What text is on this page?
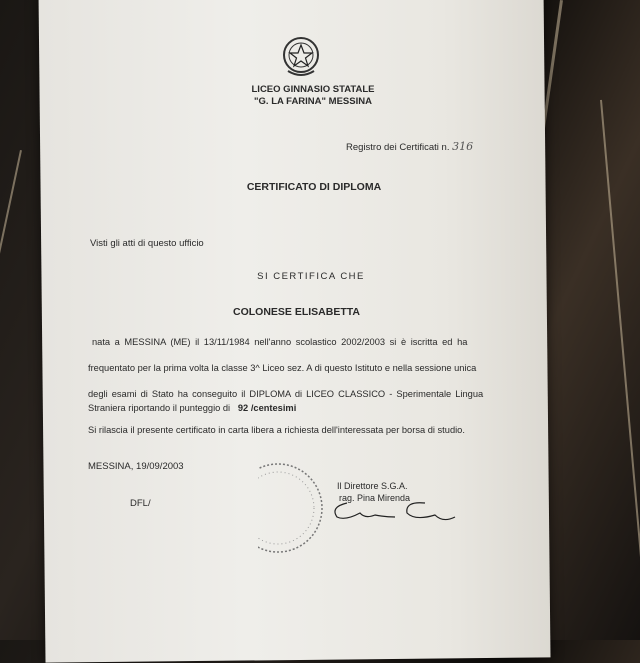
LICEO GINNASIO STATALE
"G. LA FARINA" MESSINA
Registro dei Certificati n. 316
CERTIFICATO DI DIPLOMA
Visti gli atti di questo ufficio
SI CERTIFICA CHE
COLONESE ELISABETTA
nata a MESSINA (ME) il 13/11/1984 nell'anno scolastico 2002/2003 si è iscritta ed ha
frequentato per la prima volta la classe 3^ Liceo sez. A di questo Istituto e nella sessione unica
degli esami di Stato ha conseguito il DIPLOMA di LICEO CLASSICO - Sperimentale Lingua
Straniera riportando il punteggio di 92 /centesimi
Si rilascia il presente certificato in carta libera a richiesta dell'interessata per borsa di studio.
MESSINA, 19/09/2003
DFL/
Il Direttore S.G.A.
rag. Pina Mirenda
